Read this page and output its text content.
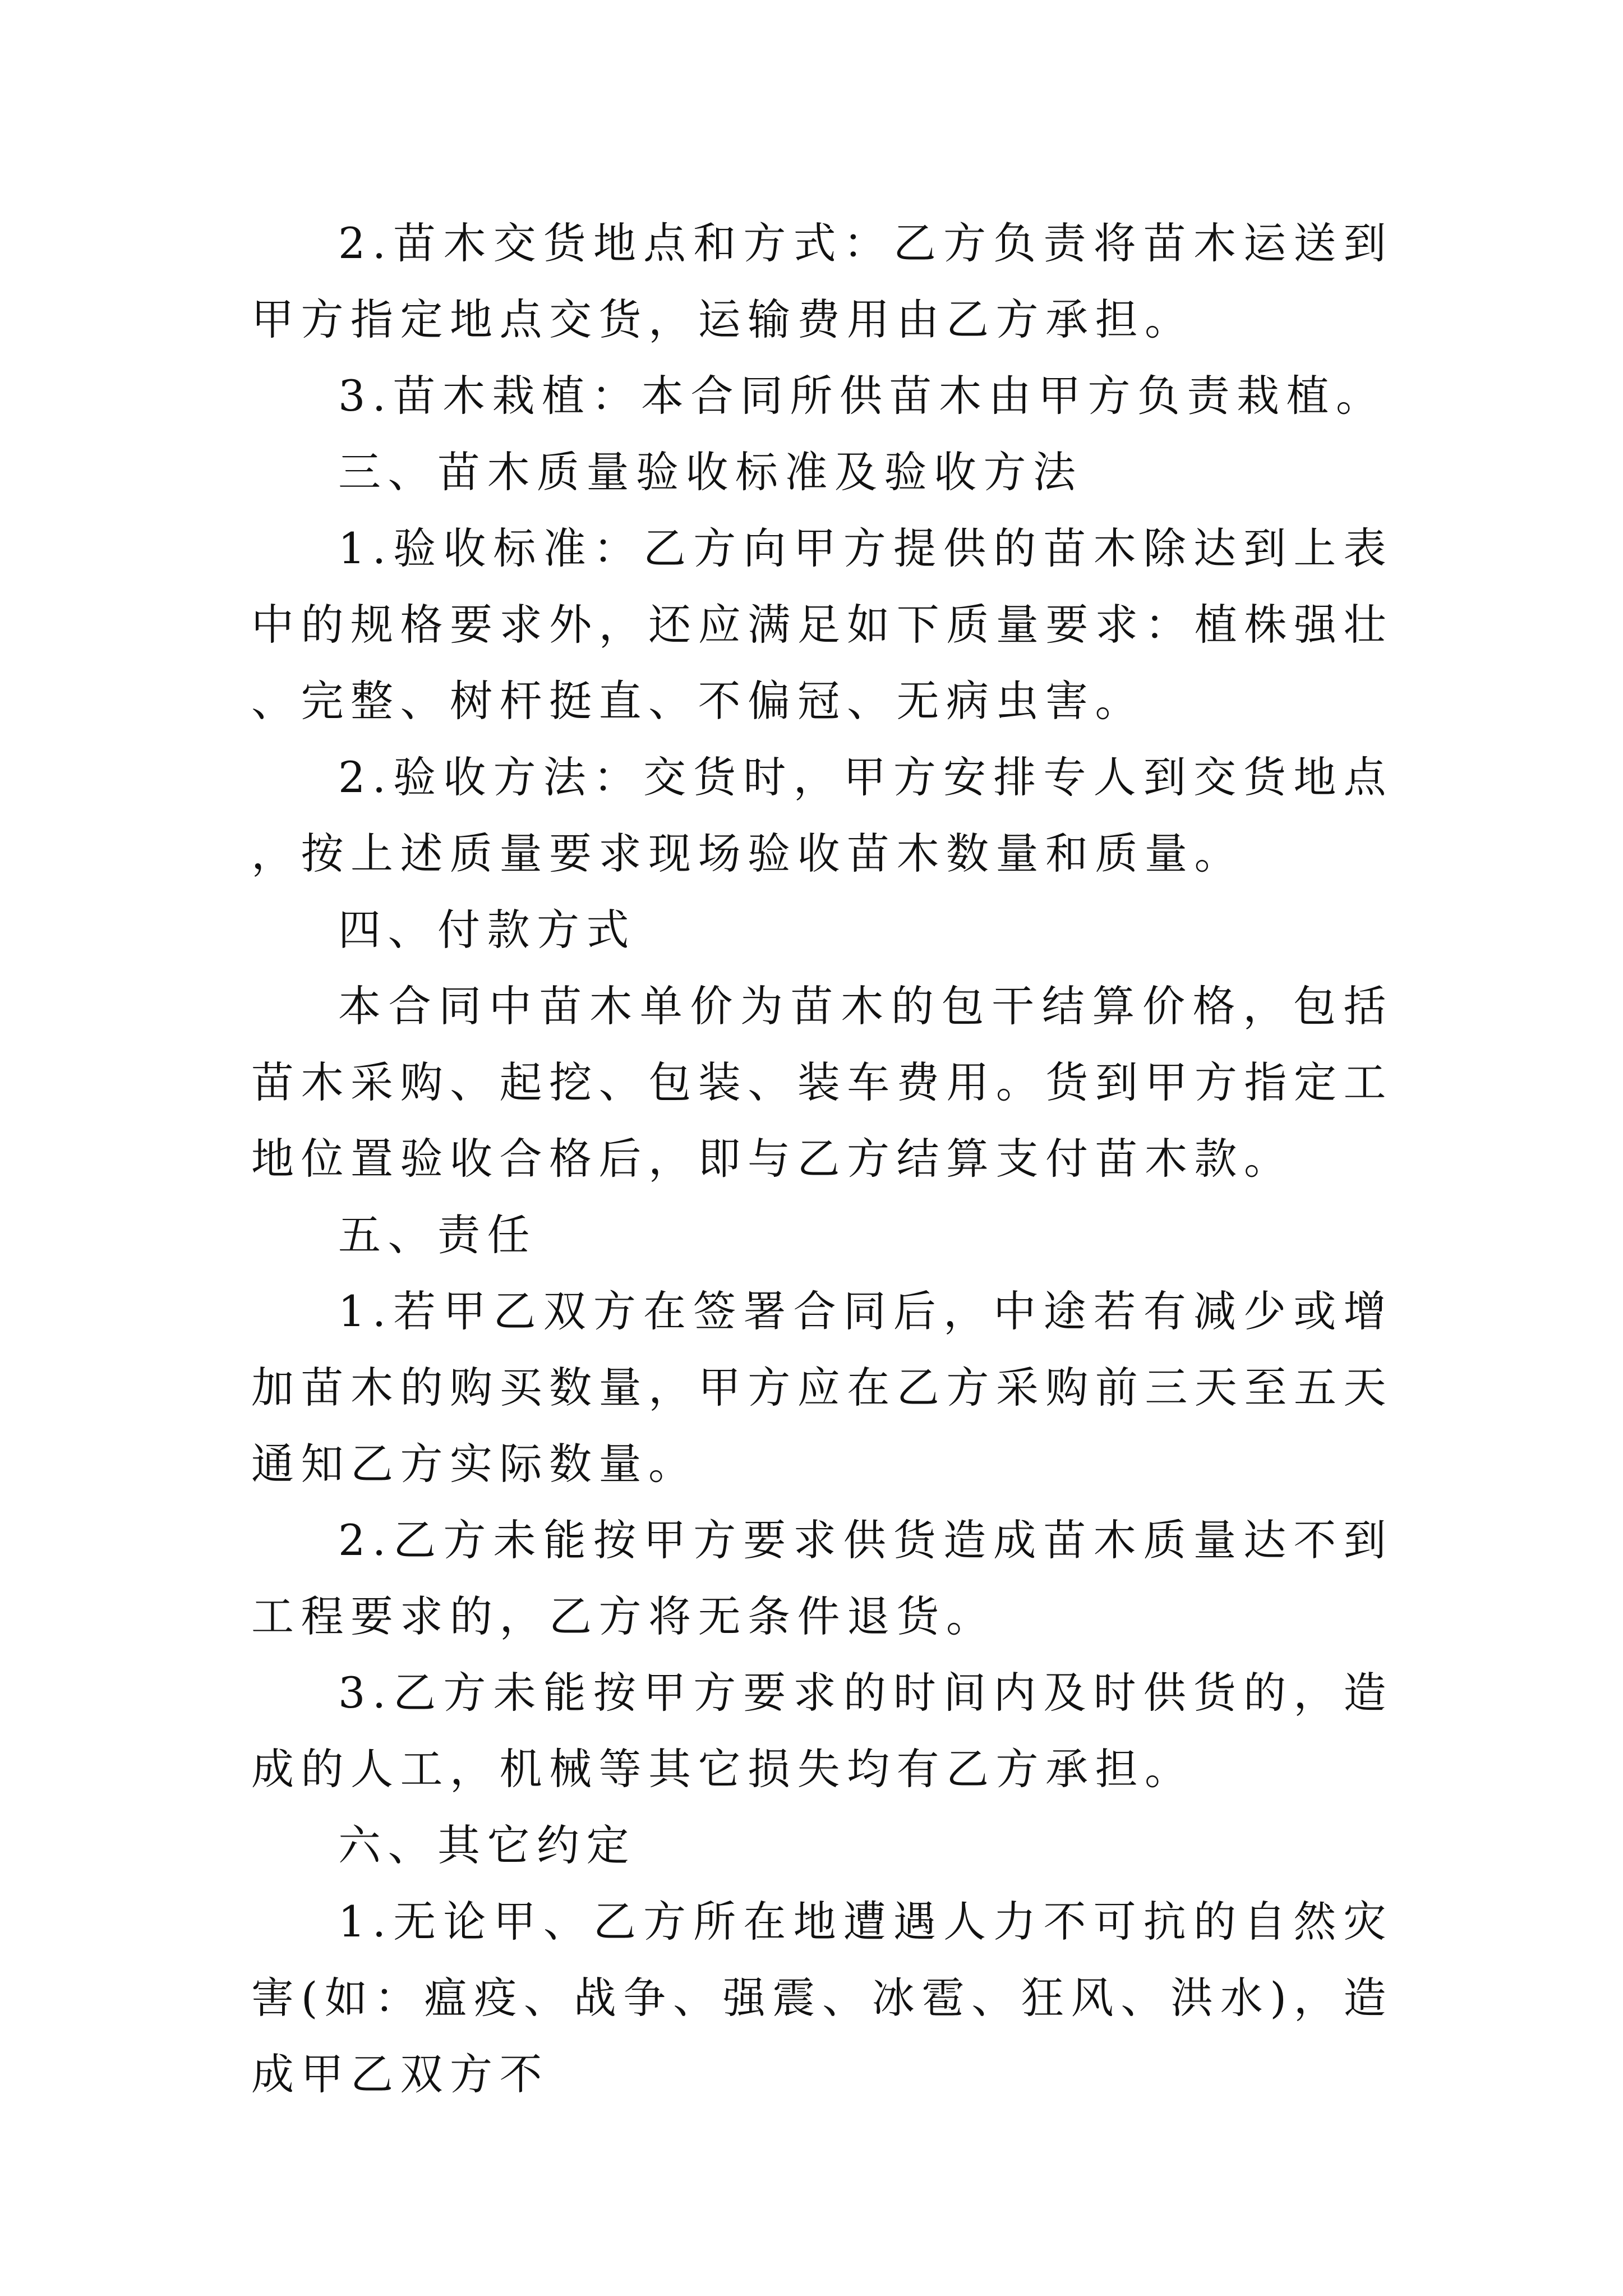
2.苗木交货地点和方式：乙方负责将苗木运送到甲方指定地点交货，运输费用由乙方承担。

3.苗木栽植：本合同所供苗木由甲方负责栽植。

三、苗木质量验收标准及验收方法

1.验收标准：乙方向甲方提供的苗木除达到上表中的规格要求外，还应满足如下质量要求：植株强壮、完整、树杆挺直、不偏冠、无病虫害。

2.验收方法：交货时，甲方安排专人到交货地点，按上述质量要求现场验收苗木数量和质量。

四、付款方式

本合同中苗木单价为苗木的包干结算价格，包括苗木采购、起挖、包装、装车费用。货到甲方指定工地位置验收合格后，即与乙方结算支付苗木款。

五、责任

1.若甲乙双方在签署合同后，中途若有减少或增加苗木的购买数量，甲方应在乙方采购前三天至五天通知乙方实际数量。

2.乙方未能按甲方要求供货造成苗木质量达不到工程要求的，乙方将无条件退货。

3.乙方未能按甲方要求的时间内及时供货的，造成的人工，机械等其它损失均有乙方承担。

六、其它约定

1.无论甲、乙方所在地遭遇人力不可抗的自然灾害(如：瘟疫、战争、强震、冰雹、狂风、洪水)，造成甲乙双方不
